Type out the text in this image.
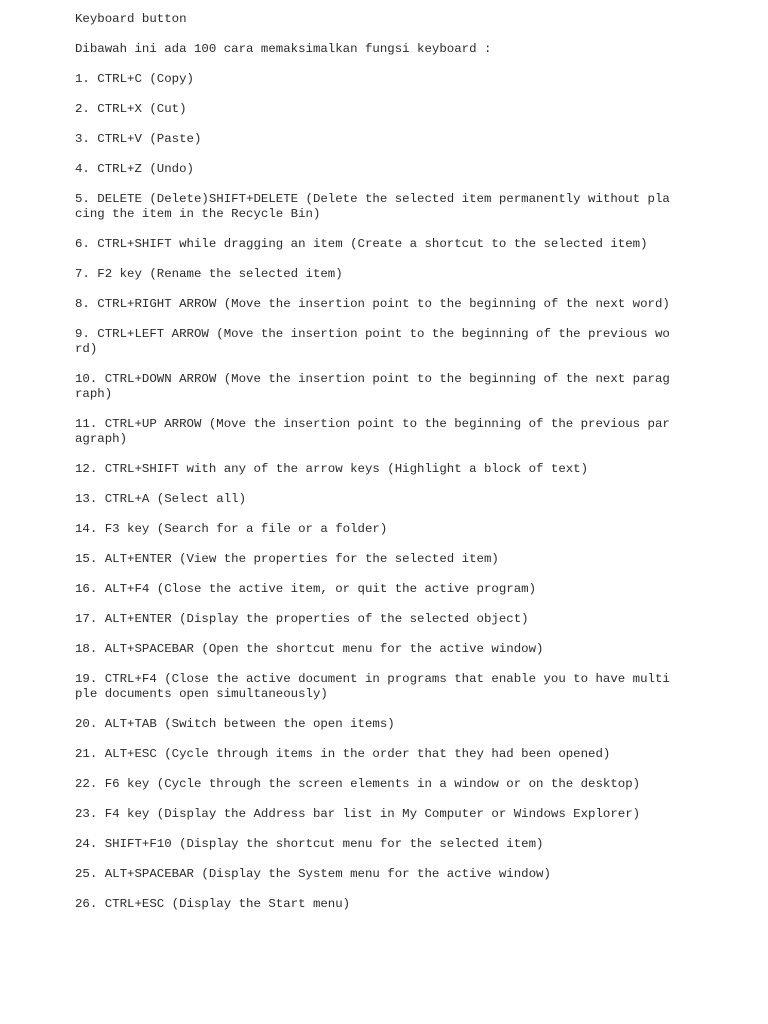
Keyboard button
Dibawah ini ada 100 cara memaksimalkan fungsi keyboard :
1. CTRL+C (Copy)
2. CTRL+X (Cut)
3. CTRL+V (Paste)
4. CTRL+Z (Undo)
5. DELETE (Delete)SHIFT+DELETE (Delete the selected item permanently without pla
cing the item in the Recycle Bin)
6. CTRL+SHIFT while dragging an item (Create a shortcut to the selected item)
7. F2 key (Rename the selected item)
8. CTRL+RIGHT ARROW (Move the insertion point to the beginning of the next word)
9. CTRL+LEFT ARROW (Move the insertion point to the beginning of the previous wo
rd)
10. CTRL+DOWN ARROW (Move the insertion point to the beginning of the next parag
raph)
11. CTRL+UP ARROW (Move the insertion point to the beginning of the previous par
agraph)
12. CTRL+SHIFT with any of the arrow keys (Highlight a block of text)
13. CTRL+A (Select all)
14. F3 key (Search for a file or a folder)
15. ALT+ENTER (View the properties for the selected item)
16. ALT+F4 (Close the active item, or quit the active program)
17. ALT+ENTER (Display the properties of the selected object)
18. ALT+SPACEBAR (Open the shortcut menu for the active window)
19. CTRL+F4 (Close the active document in programs that enable you to have multi
ple documents open simultaneously)
20. ALT+TAB (Switch between the open items)
21. ALT+ESC (Cycle through items in the order that they had been opened)
22. F6 key (Cycle through the screen elements in a window or on the desktop)
23. F4 key (Display the Address bar list in My Computer or Windows Explorer)
24. SHIFT+F10 (Display the shortcut menu for the selected item)
25. ALT+SPACEBAR (Display the System menu for the active window)
26. CTRL+ESC (Display the Start menu)
